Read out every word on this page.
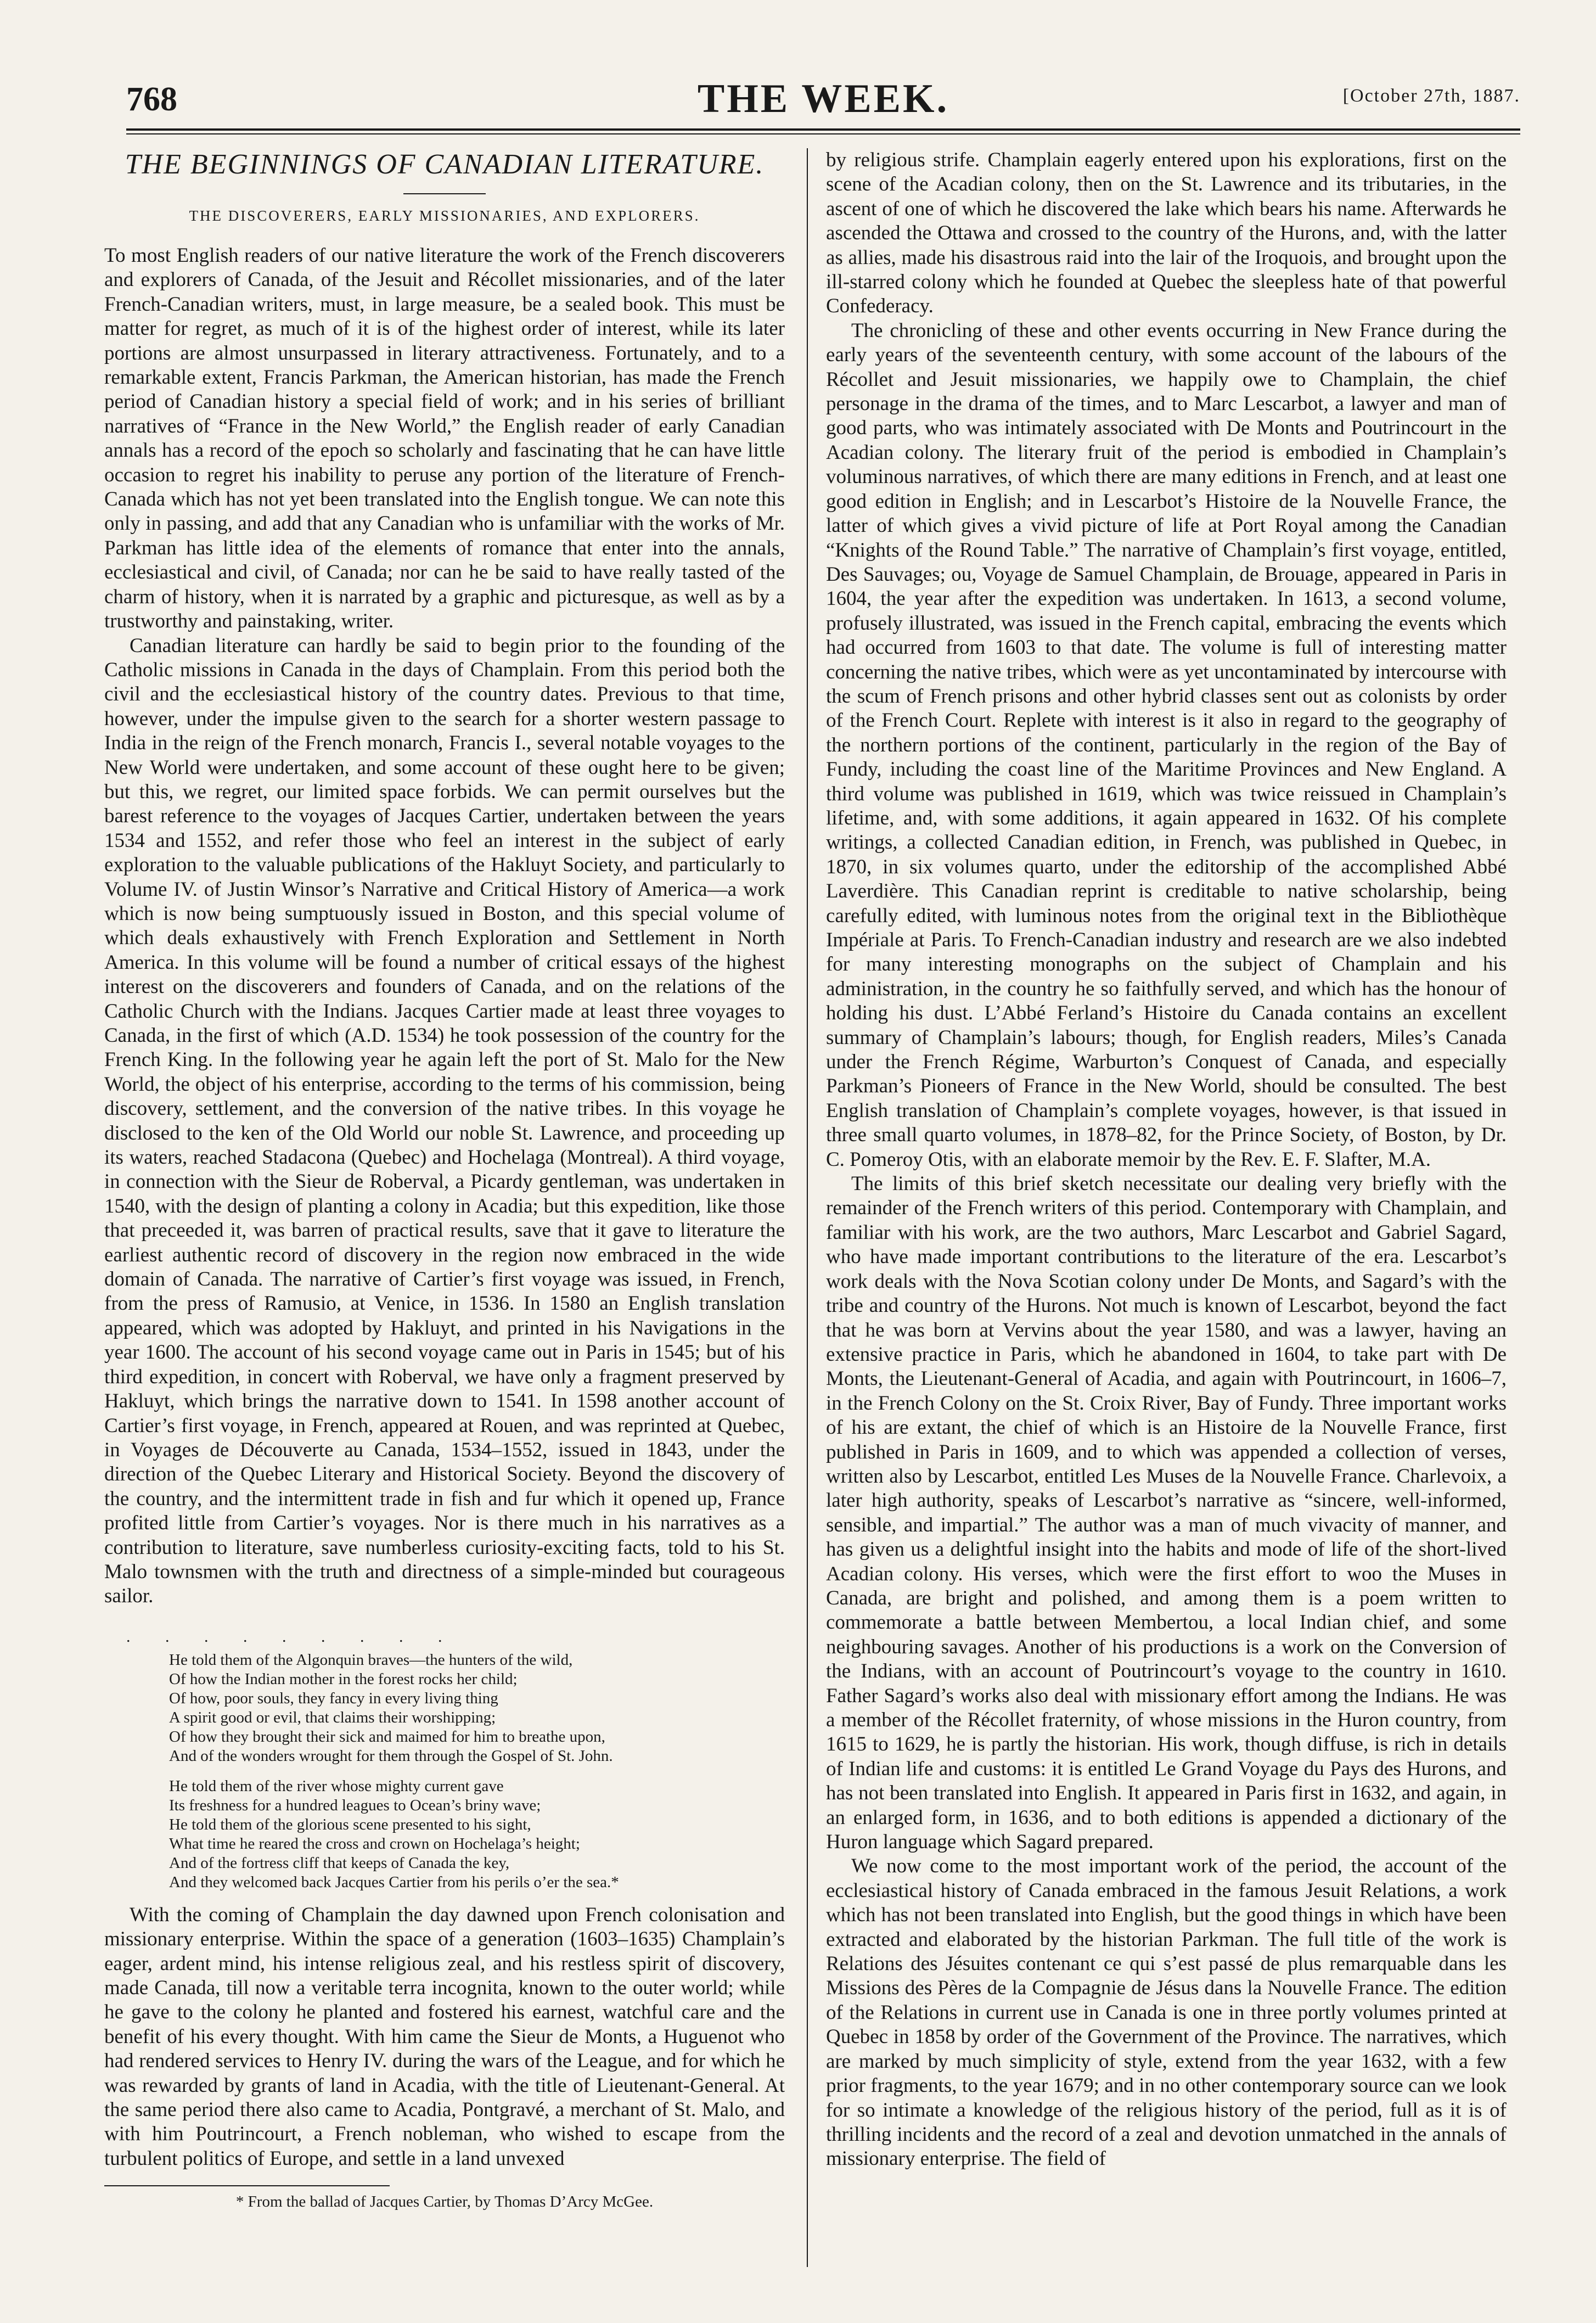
768	THE WEEK.	[October 27th, 1887.
THE BEGINNINGS OF CANADIAN LITERATURE.
THE DISCOVERERS, EARLY MISSIONARIES, AND EXPLORERS.

To most English readers of our native literature the work of the French discoverers and explorers of Canada, of the Jesuit and Récollet missionaries, and of the later French-Canadian writers, must, in large measure, be a sealed book. This must be matter for regret, as much of it is of the highest order of interest, while its later portions are almost unsurpassed in literary attractiveness. Fortunately, and to a remarkable extent, Francis Parkman, the American historian, has made the French period of Canadian history a special field of work; and in his series of brilliant narratives of “France in the New World,” the English reader of early Canadian annals has a record of the epoch so scholarly and fascinating that he can have little occasion to regret his inability to peruse any portion of the literature of French-Canada which has not yet been translated into the English tongue. We can note this only in passing, and add that any Canadian who is unfamiliar with the works of Mr. Parkman has little idea of the elements of romance that enter into the annals, ecclesiastical and civil, of Canada; nor can he be said to have really tasted of the charm of history, when it is narrated by a graphic and picturesque, as well as by a trustworthy and painstaking, writer.

Canadian literature can hardly be said to begin prior to the founding of the Catholic missions in Canada in the days of Champlain. From this period both the civil and the ecclesiastical history of the country dates. Previous to that time, however, under the impulse given to the search for a shorter western passage to India in the reign of the French monarch, Francis I., several notable voyages to the New World were undertaken, and some account of these ought here to be given; but this, we regret, our limited space forbids. We can permit ourselves but the barest reference to the voyages of Jacques Cartier, undertaken between the years 1534 and 1552, and refer those who feel an interest in the subject of early exploration to the valuable publications of the Hakluyt Society, and particularly to Volume IV. of Justin Winsor’s Narrative and Critical History of America—a work which is now being sumptuously issued in Boston, and this special volume of which deals exhaustively with French Exploration and Settlement in North America. In this volume will be found a number of critical essays of the highest interest on the discoverers and founders of Canada, and on the relations of the Catholic Church with the Indians. Jacques Cartier made at least three voyages to Canada, in the first of which (A.D. 1534) he took possession of the country for the French King. In the following year he again left the port of St. Malo for the New World, the object of his enterprise, according to the terms of his commission, being discovery, settlement, and the conversion of the native tribes. In this voyage he disclosed to the ken of the Old World our noble St. Lawrence, and proceeding up its waters, reached Stadacona (Quebec) and Hochelaga (Montreal). A third voyage, in connection with the Sieur de Roberval, a Picardy gentleman, was undertaken in 1540, with the design of planting a colony in Acadia; but this expedition, like those that preceeded it, was barren of practical results, save that it gave to literature the earliest authentic record of discovery in the region now embraced in the wide domain of Canada. The narrative of Cartier’s first voyage was issued, in French, from the press of Ramusio, at Venice, in 1536. In 1580 an English translation appeared, which was adopted by Hakluyt, and printed in his Navigations in the year 1600. The account of his second voyage came out in Paris in 1545; but of his third expedition, in concert with Roberval, we have only a fragment preserved by Hakluyt, which brings the narrative down to 1541. In 1598 another account of Cartier’s first voyage, in French, appeared at Rouen, and was reprinted at Quebec, in Voyages de Découverte au Canada, 1534–1552, issued in 1843, under the direction of the Quebec Literary and Historical Society. Beyond the discovery of the country, and the intermittent trade in fish and fur which it opened up, France profited little from Cartier’s voyages. Nor is there much in his narratives as a contribution to literature, save numberless curiosity-exciting facts, told to his St. Malo townsmen with the truth and directness of a simple-minded but courageous sailor.

. . . . . . . . .
He told them of the Algonquin braves—the hunters of the wild,
Of how the Indian mother in the forest rocks her child;
Of how, poor souls, they fancy in every living thing
A spirit good or evil, that claims their worshipping;
Of how they brought their sick and maimed for him to breathe upon,
And of the wonders wrought for them through the Gospel of St. John.
He told them of the river whose mighty current gave
Its freshness for a hundred leagues to Ocean’s briny wave;
He told them of the glorious scene presented to his sight,
What time he reared the cross and crown on Hochelaga’s height;
And of the fortress cliff that keeps of Canada the key,
And they welcomed back Jacques Cartier from his perils o’er the sea.*

With the coming of Champlain the day dawned upon French colonisation and missionary enterprise. Within the space of a generation (1603–1635) Champlain’s eager, ardent mind, his intense religious zeal, and his restless spirit of discovery, made Canada, till now a veritable terra incognita, known to the outer world; while he gave to the colony he planted and fostered his earnest, watchful care and the benefit of his every thought. With him came the Sieur de Monts, a Huguenot who had rendered services to Henry IV. during the wars of the League, and for which he was rewarded by grants of land in Acadia, with the title of Lieutenant-General. At the same period there also came to Acadia, Pontgravé, a merchant of St. Malo, and with him Poutrincourt, a French nobleman, who wished to escape from the turbulent politics of Europe, and settle in a land unvexed

* From the ballad of Jacques Cartier, by Thomas D’Arcy McGee.

by religious strife. Champlain eagerly entered upon his explorations, first on the scene of the Acadian colony, then on the St. Lawrence and its tributaries, in the ascent of one of which he discovered the lake which bears his name. Afterwards he ascended the Ottawa and crossed to the country of the Hurons, and, with the latter as allies, made his disastrous raid into the lair of the Iroquois, and brought upon the ill-starred colony which he founded at Quebec the sleepless hate of that powerful Confederacy.

The chronicling of these and other events occurring in New France during the early years of the seventeenth century, with some account of the labours of the Récollet and Jesuit missionaries, we happily owe to Champlain, the chief personage in the drama of the times, and to Marc Lescarbot, a lawyer and man of good parts, who was intimately associated with De Monts and Poutrincourt in the Acadian colony. The literary fruit of the period is embodied in Champlain’s voluminous narratives, of which there are many editions in French, and at least one good edition in English; and in Lescarbot’s Histoire de la Nouvelle France, the latter of which gives a vivid picture of life at Port Royal among the Canadian “Knights of the Round Table.” The narrative of Champlain’s first voyage, entitled, Des Sauvages; ou, Voyage de Samuel Champlain, de Brouage, appeared in Paris in 1604, the year after the expedition was undertaken. In 1613, a second volume, profusely illustrated, was issued in the French capital, embracing the events which had occurred from 1603 to that date. The volume is full of interesting matter concerning the native tribes, which were as yet uncontaminated by intercourse with the scum of French prisons and other hybrid classes sent out as colonists by order of the French Court. Replete with interest is it also in regard to the geography of the northern portions of the continent, particularly in the region of the Bay of Fundy, including the coast line of the Maritime Provinces and New England. A third volume was published in 1619, which was twice reissued in Champlain’s lifetime, and, with some additions, it again appeared in 1632. Of his complete writings, a collected Canadian edition, in French, was published in Quebec, in 1870, in six volumes quarto, under the editorship of the accomplished Abbé Laverdière. This Canadian reprint is creditable to native scholarship, being carefully edited, with luminous notes from the original text in the Bibliothèque Impériale at Paris. To French-Canadian industry and research are we also indebted for many interesting monographs on the subject of Champlain and his administration, in the country he so faithfully served, and which has the honour of holding his dust. L’Abbé Ferland’s Histoire du Canada contains an excellent summary of Champlain’s labours; though, for English readers, Miles’s Canada under the French Régime, Warburton’s Conquest of Canada, and especially Parkman’s Pioneers of France in the New World, should be consulted. The best English translation of Champlain’s complete voyages, however, is that issued in three small quarto volumes, in 1878–82, for the Prince Society, of Boston, by Dr. C. Pomeroy Otis, with an elaborate memoir by the Rev. E. F. Slafter, M.A.

The limits of this brief sketch necessitate our dealing very briefly with the remainder of the French writers of this period. Contemporary with Champlain, and familiar with his work, are the two authors, Marc Lescarbot and Gabriel Sagard, who have made important contributions to the literature of the era. Lescarbot’s work deals with the Nova Scotian colony under De Monts, and Sagard’s with the tribe and country of the Hurons. Not much is known of Lescarbot, beyond the fact that he was born at Vervins about the year 1580, and was a lawyer, having an extensive practice in Paris, which he abandoned in 1604, to take part with De Monts, the Lieutenant-General of Acadia, and again with Poutrincourt, in 1606–7, in the French Colony on the St. Croix River, Bay of Fundy. Three important works of his are extant, the chief of which is an Histoire de la Nouvelle France, first published in Paris in 1609, and to which was appended a collection of verses, written also by Lescarbot, entitled Les Muses de la Nouvelle France. Charlevoix, a later high authority, speaks of Lescarbot’s narrative as “sincere, well-informed, sensible, and impartial.” The author was a man of much vivacity of manner, and has given us a delightful insight into the habits and mode of life of the short-lived Acadian colony. His verses, which were the first effort to woo the Muses in Canada, are bright and polished, and among them is a poem written to commemorate a battle between Membertou, a local Indian chief, and some neighbouring savages. Another of his productions is a work on the Conversion of the Indians, with an account of Poutrincourt’s voyage to the country in 1610. Father Sagard’s works also deal with missionary effort among the Indians. He was a member of the Récollet fraternity, of whose missions in the Huron country, from 1615 to 1629, he is partly the historian. His work, though diffuse, is rich in details of Indian life and customs: it is entitled Le Grand Voyage du Pays des Hurons, and has not been translated into English. It appeared in Paris first in 1632, and again, in an enlarged form, in 1636, and to both editions is appended a dictionary of the Huron language which Sagard prepared.

We now come to the most important work of the period, the account of the ecclesiastical history of Canada embraced in the famous Jesuit Relations, a work which has not been translated into English, but the good things in which have been extracted and elaborated by the historian Parkman. The full title of the work is Relations des Jésuites contenant ce qui s’est passé de plus remarquable dans les Missions des Pères de la Compagnie de Jésus dans la Nouvelle France. The edition of the Relations in current use in Canada is one in three portly volumes printed at Quebec in 1858 by order of the Government of the Province. The narratives, which are marked by much simplicity of style, extend from the year 1632, with a few prior fragments, to the year 1679; and in no other contemporary source can we look for so intimate a knowledge of the religious history of the period, full as it is of thrilling incidents and the record of a zeal and devotion unmatched in the annals of missionary enterprise. The field of
